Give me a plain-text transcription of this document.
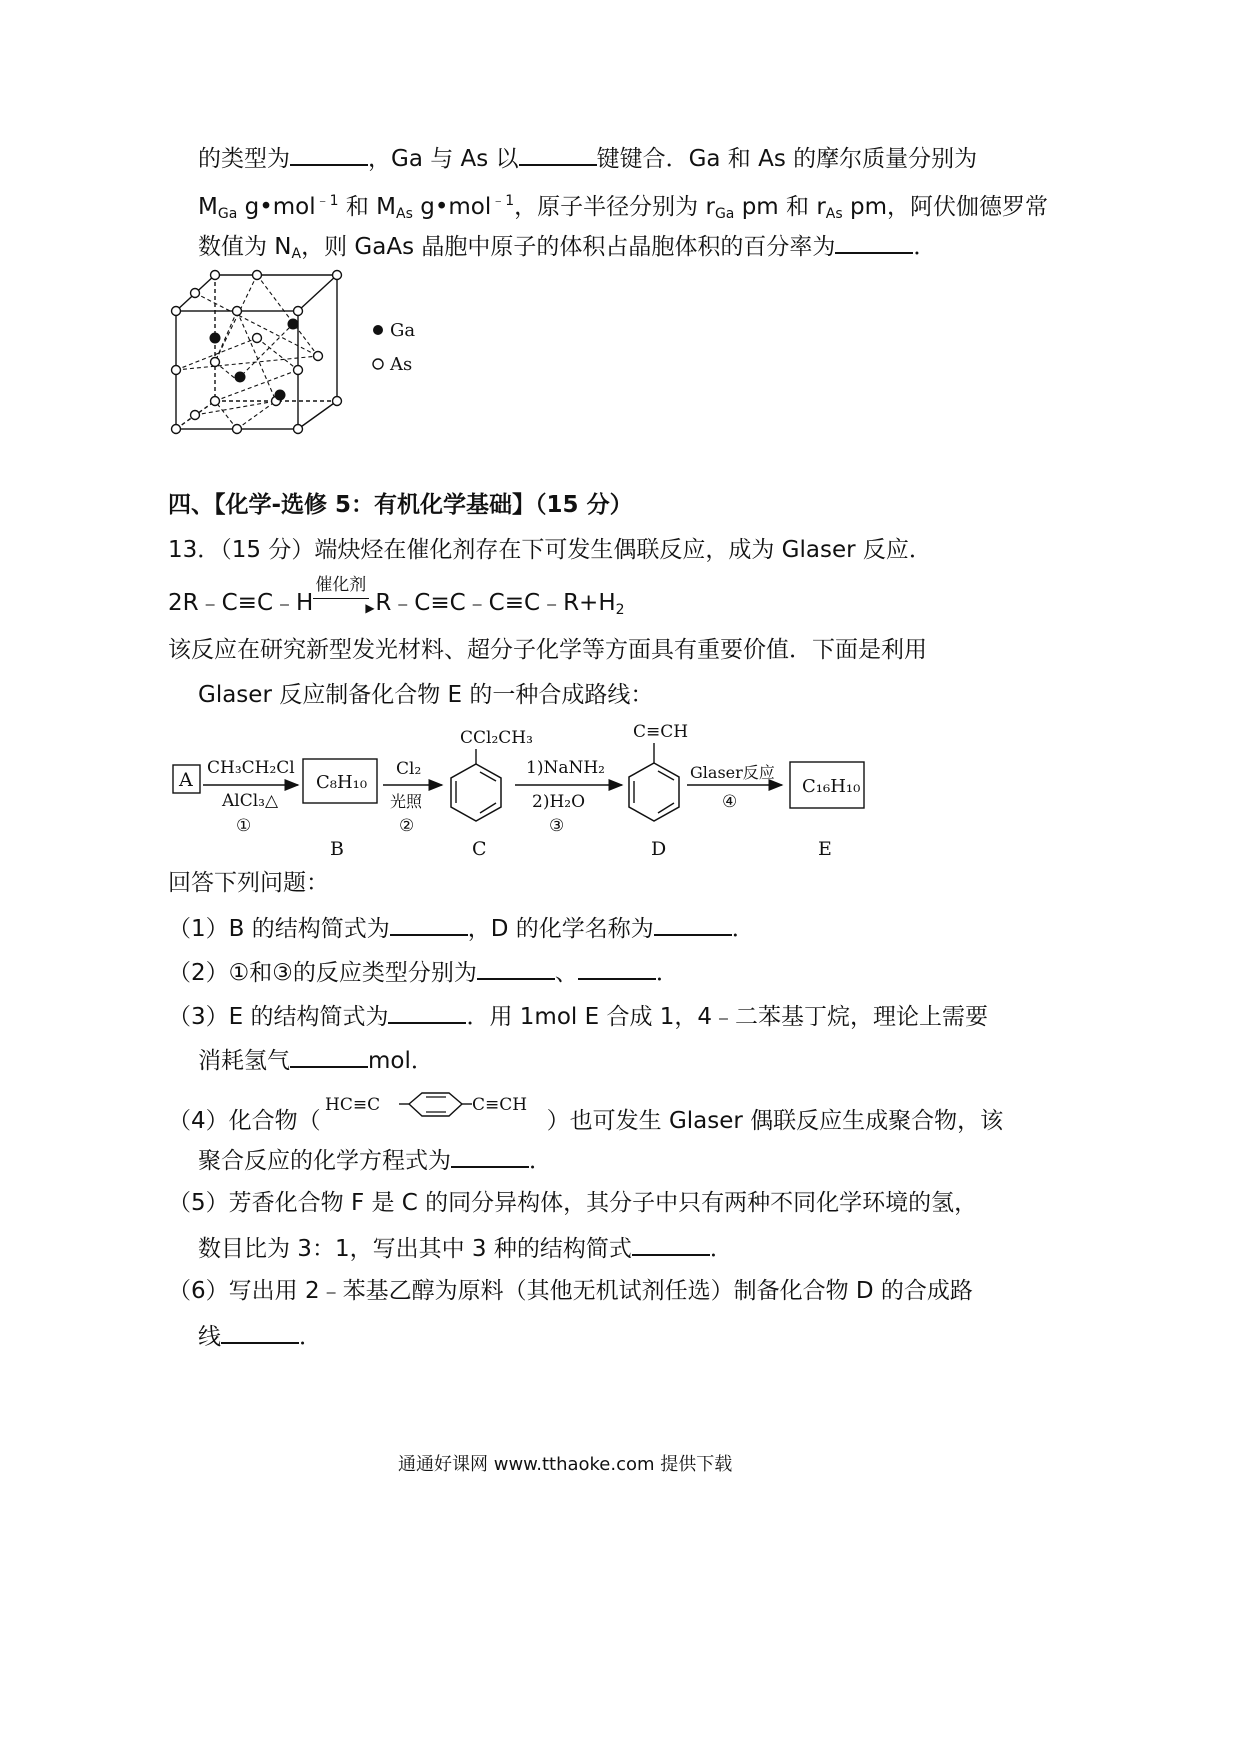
的类型为	，Ga 与 As 以	键键合．Ga 和 As 的摩尔质量分别为
$M_{Ga}$ g•mol$^{﹣1}$ 和 $M_{As}$ g•mol$^{﹣1}$，原子半径分别为 $r_{Ga}$ pm 和 $r_{As}$ pm，阿伏伽德罗常
数值为 $N_A$，则 GaAs 晶胞中原子的体积占晶胞体积的百分率为	．
Ga
As
四、【化学-选修 5：有机化学基础】（15 分）
13．（15 分）端炔烃在催化剂存在下可发生偶联反应，成为 Glaser 反应．
2R﹣C≡C﹣H
催化剂
▶ $R﹣C\equiv C﹣C\equiv C﹣R+H_2$
该反应在研究新型发光材料、超分子化学等方面具有重要价值．下面是利用
Glaser 反应制备化合物 E 的一种合成路线：
A
CH₃CH₂Cl
AlCl₃△
①
C₈H₁₀
Cl₂
光照
②
CCl₂CH₃
1)NaNH₂
2)H₂O
③
C≡CH
Glaser反应
④
C₁₆H₁₀
B	C	D	E
回答下列问题：
（1）B 的结构简式为	，D 的化学名称为	．
（2）①和③的反应类型分别为	、	．
（3）E 的结构简式为	．用 1mol E 合成 1，4﹣二苯基丁烷，理论上需要
消耗氢气	mol．
（4）化合物（
HC≡C	C≡CH
）也可发生 Glaser 偶联反应生成聚合物，该
聚合反应的化学方程式为	．
（5）芳香化合物 F 是 C 的同分异构体，其分子中只有两种不同化学环境的氢，
数目比为 3：1，写出其中 3 种的结构简式	．
（6）写出用 2﹣苯基乙醇为原料（其他无机试剂任选）制备化合物 D 的合成路
线	．
通通好课网 www.tthaoke.com 提供下载
